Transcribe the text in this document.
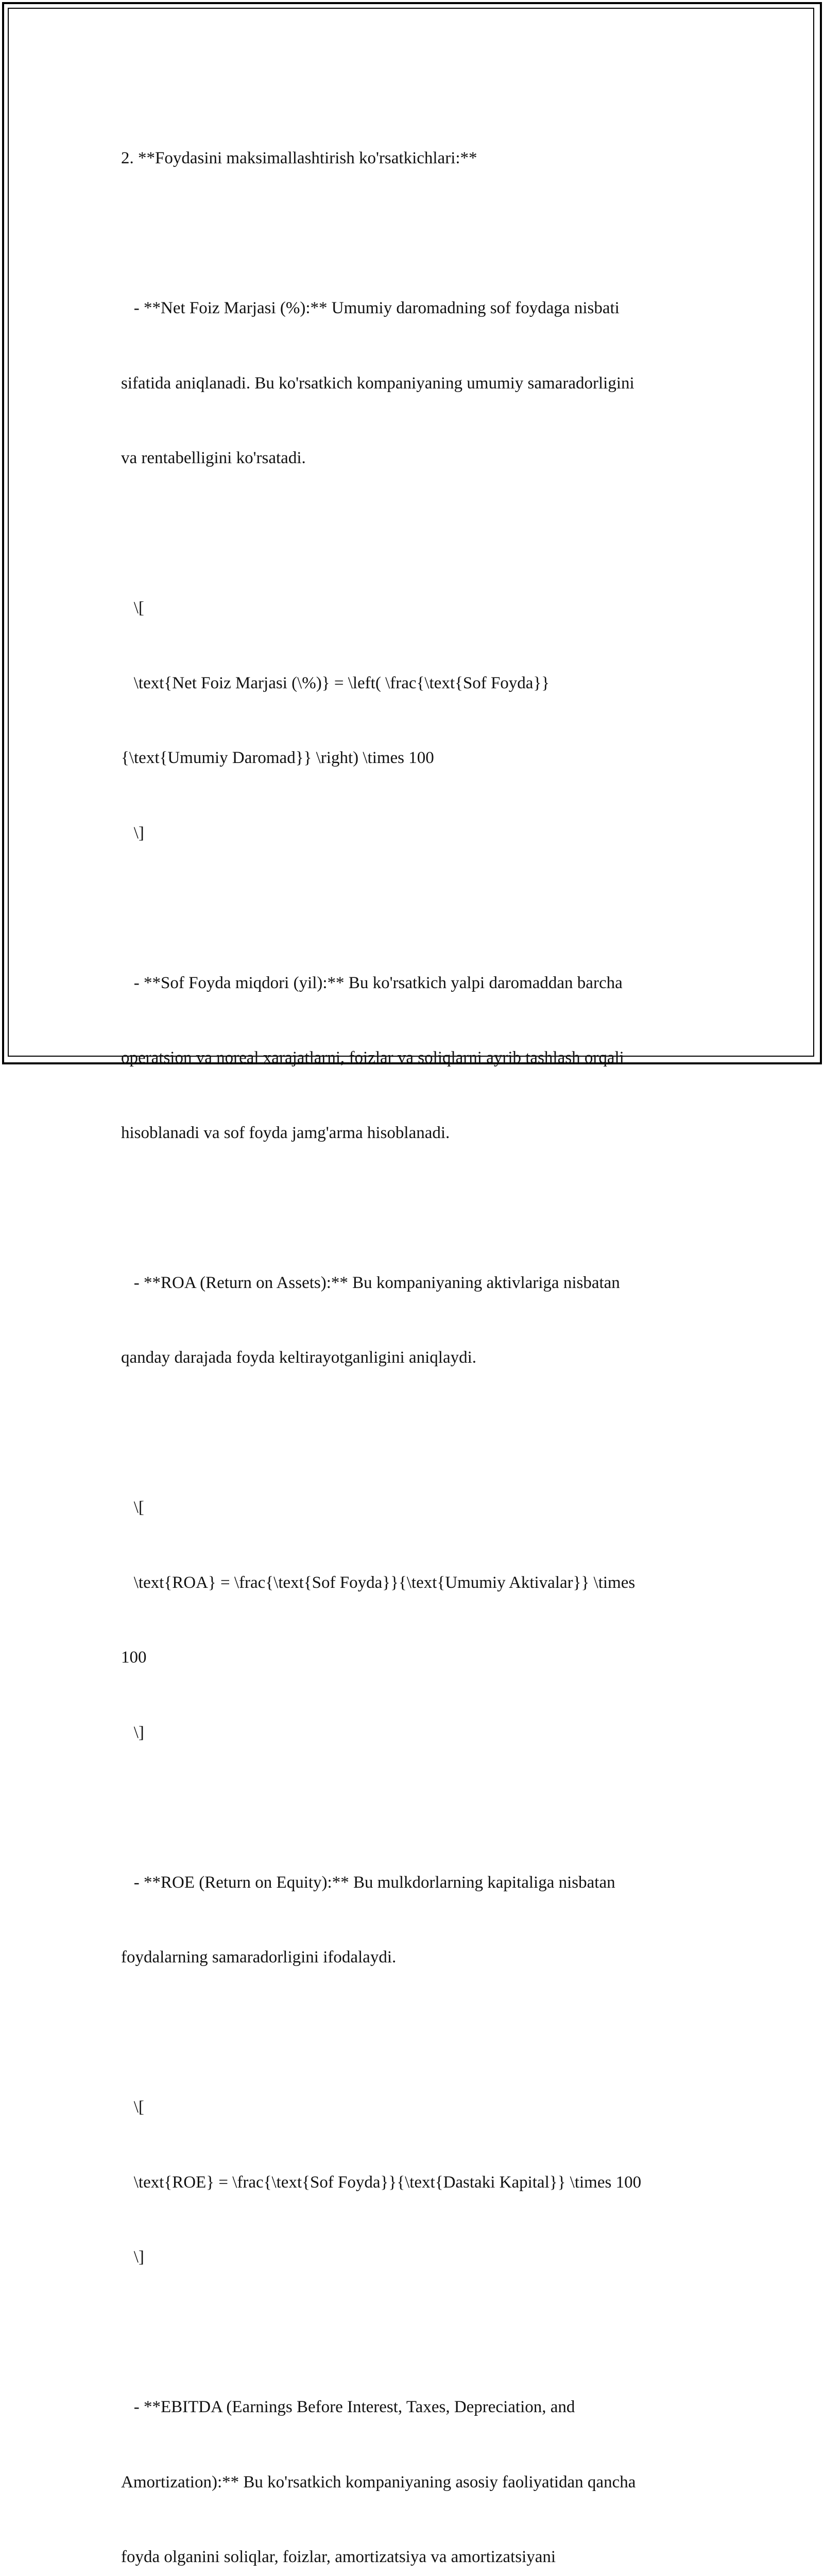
2. **Foydasini maksimallashtirish ko'rsatkichlari:**

- **Net Foiz Marjasi (%):** Umumiy daromadning sof foydaga nisbati

sifatida aniqlanadi. Bu ko'rsatkich kompaniyaning umumiy samaradorligini

va rentabelligini ko'rsatadi.

\[

\text{Net Foiz Marjasi (\%)} = \left( \frac{\text{Sof Foyda}}

{\text{Umumiy Daromad}} \right) \times 100

\]

- **Sof Foyda miqdori (yil):** Bu ko'rsatkich yalpi daromaddan barcha

operatsion va noreal xarajatlarni, foizlar va soliqlarni ayrib tashlash orqali

hisoblanadi va sof foyda jamg'arma hisoblanadi.

- **ROA (Return on Assets):** Bu kompaniyaning aktivlariga nisbatan

qanday darajada foyda keltirayotganligini aniqlaydi.

\[

\text{ROA} = \frac{\text{Sof Foyda}}{\text{Umumiy Aktivalar}} \times

100

\]

- **ROE (Return on Equity):** Bu mulkdorlarning kapitaliga nisbatan

foydalarning samaradorligini ifodalaydi.

\[

\text{ROE} = \frac{\text{Sof Foyda}}{\text{Dastaki Kapital}} \times 100

\]

- **EBITDA (Earnings Before Interest, Taxes, Depreciation, and

Amortization):** Bu ko'rsatkich kompaniyaning asosiy faoliyatidan qancha

foyda olganini soliqlar, foizlar, amortizatsiya va amortizatsiyani
